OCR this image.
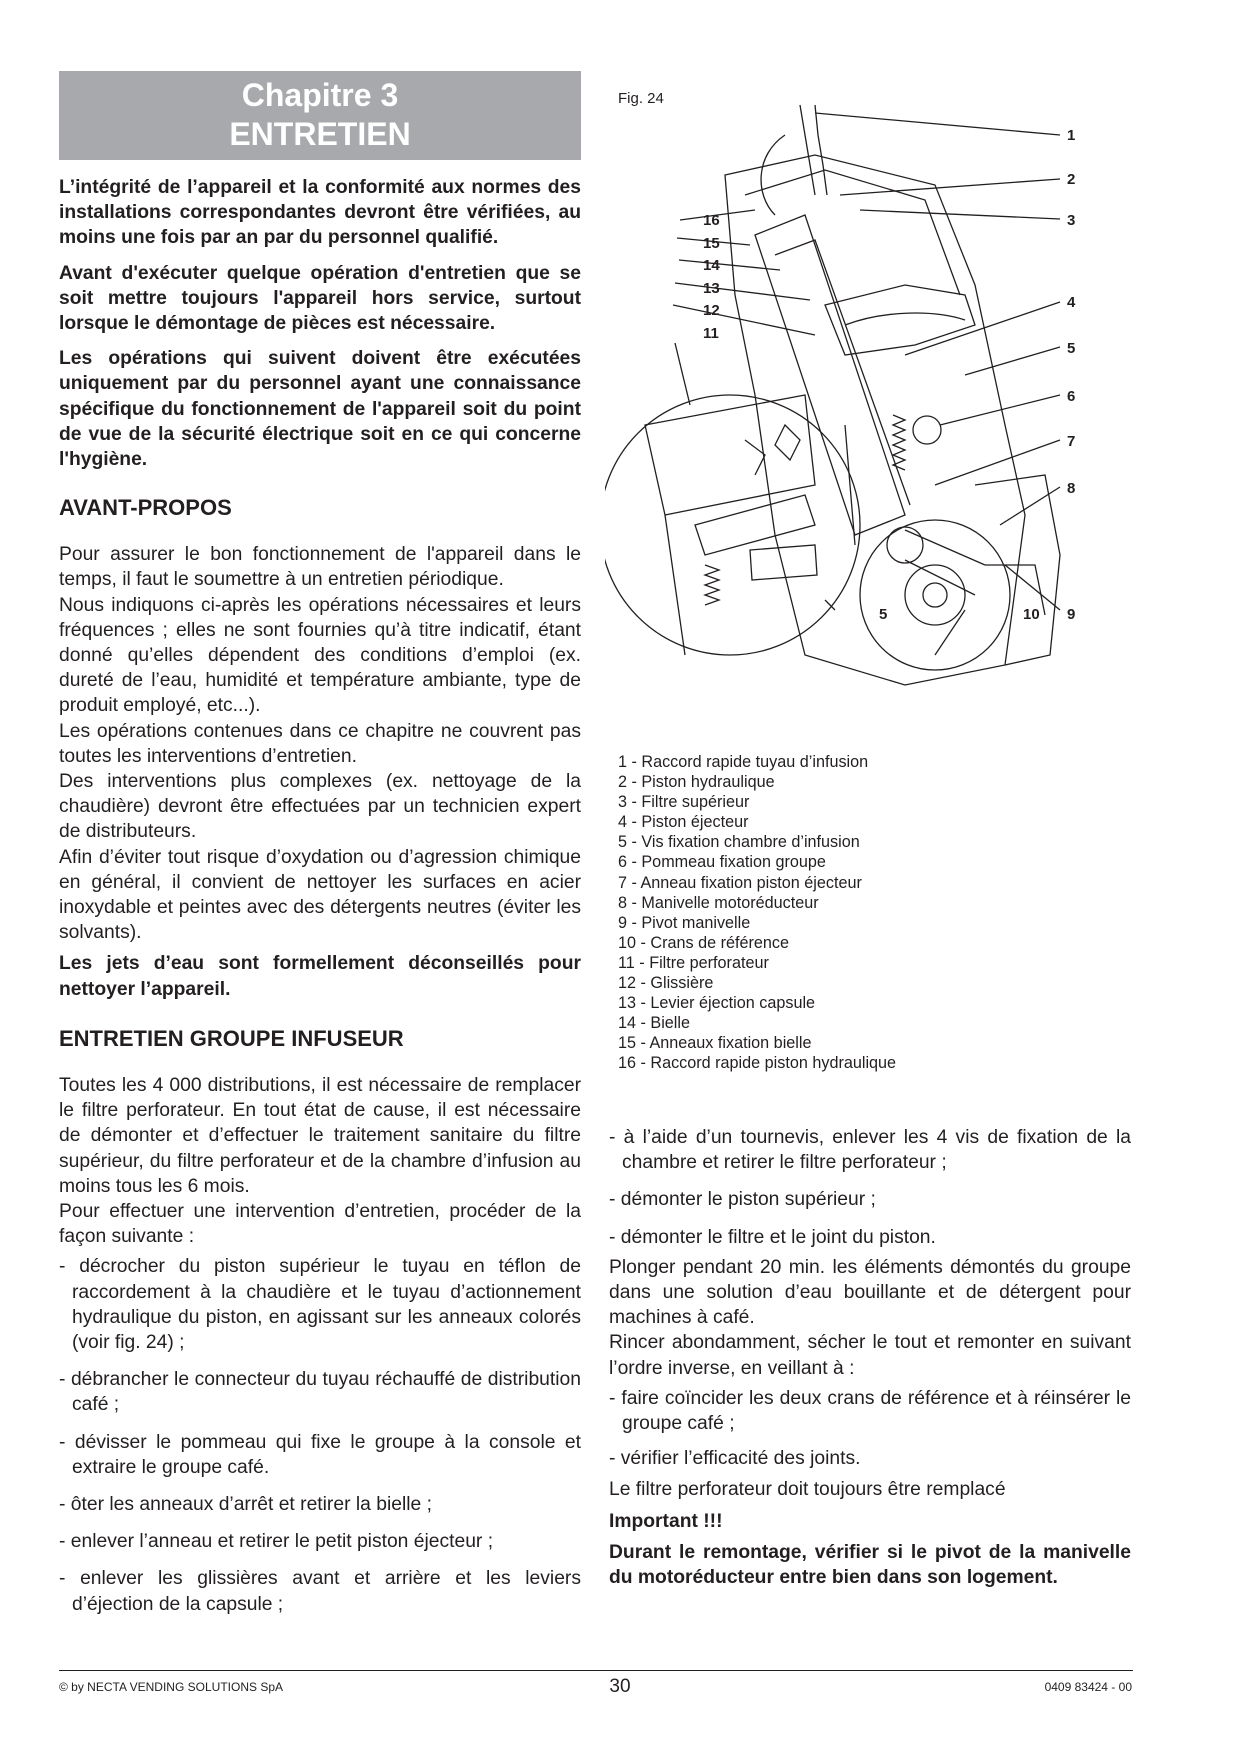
Chapitre 3
ENTRETIEN

L’intégrité de l’appareil et la conformité aux normes des installations correspondantes devront être vérifiées, au moins une fois par an par du personnel qualifié.

Avant d'exécuter quelque opération d'entretien que se soit mettre toujours l'appareil hors service, surtout lorsque le démontage de pièces est nécessaire.

Les opérations qui suivent doivent être exécutées uniquement par du personnel ayant une connaissance spécifique du fonctionnement de l'appareil soit du point de vue de la sécurité électrique soit en ce qui concerne l'hygiène.

AVANT-PROPOS

Pour assurer le bon fonctionnement de l'appareil dans le temps, il faut le soumettre à un entretien périodique.

Nous indiquons ci-après les opérations nécessaires et leurs fréquences ; elles ne sont fournies qu’à titre indicatif, étant donné qu’elles dépendent des conditions d’emploi (ex. dureté de l’eau, humidité et température ambiante, type de produit employé, etc...).

Les opérations contenues dans ce chapitre ne couvrent pas toutes les interventions d’entretien.

Des interventions plus complexes (ex. nettoyage de la chaudière) devront être effectuées par un technicien expert de distributeurs.

Afin d’éviter tout risque d’oxydation ou d’agression chimique en général, il convient de nettoyer les surfaces en acier inoxydable et peintes avec des détergents neutres (éviter les solvants).

Les jets d’eau sont formellement déconseillés pour nettoyer l’appareil.

ENTRETIEN GROUPE INFUSEUR

Toutes les 4 000 distributions, il est nécessaire de remplacer le filtre perforateur. En tout état de cause, il est nécessaire de démonter et d’effectuer le traitement sanitaire du filtre supérieur, du filtre perforateur et de la chambre d’infusion au moins tous les 6 mois.

Pour effectuer une intervention d’entretien, procéder de la façon suivante :

- décrocher du piston supérieur le tuyau en téflon de raccordement à la chaudière et le tuyau d’actionnement hydraulique du piston, en agissant sur les anneaux colorés (voir fig. 24) ;

- débrancher le connecteur du tuyau réchauffé de distribution café ;

- dévisser le pommeau qui fixe le groupe à la console et extraire le groupe café.

- ôter les anneaux d’arrêt et retirer la bielle ;

- enlever l’anneau et retirer le petit piston éjecteur ;

- enlever les glissières avant et arrière et les leviers d’éjection de la capsule ;

Fig. 24
1
2
3
4
5
6
7
8
9
10
5
16
15
14
13
12
11
1 - Raccord rapide tuyau d’infusion
2 - Piston hydraulique
3 - Filtre supérieur
4 - Piston éjecteur
5 - Vis fixation chambre d’infusion
6 - Pommeau fixation groupe
7 - Anneau fixation piston éjecteur
8 - Manivelle motoréducteur
9 - Pivot manivelle
10 - Crans de référence
11 - Filtre perforateur
12 - Glissière
13 - Levier éjection capsule
14 - Bielle
15 - Anneaux fixation bielle
16 - Raccord rapide piston hydraulique

- à l’aide d’un tournevis, enlever les 4 vis de fixation de la chambre et retirer le filtre perforateur ;

- démonter le piston supérieur ;

- démonter le filtre et le joint du piston.

Plonger pendant 20 min. les éléments démontés du groupe dans une solution d’eau bouillante et de détergent pour machines à café.

Rincer abondamment, sécher le tout et remonter en suivant l’ordre inverse, en veillant à :

- faire coïncider les deux crans de référence et à réinsérer le groupe café ;

- vérifier l’efficacité des joints.

Le filtre perforateur doit toujours être remplacé

Important !!!

Durant le remontage, vérifier si le pivot de la manivelle du motoréducteur entre bien dans son logement.

© by NECTA VENDING SOLUTIONS SpA	30	0409 83424 - 00
